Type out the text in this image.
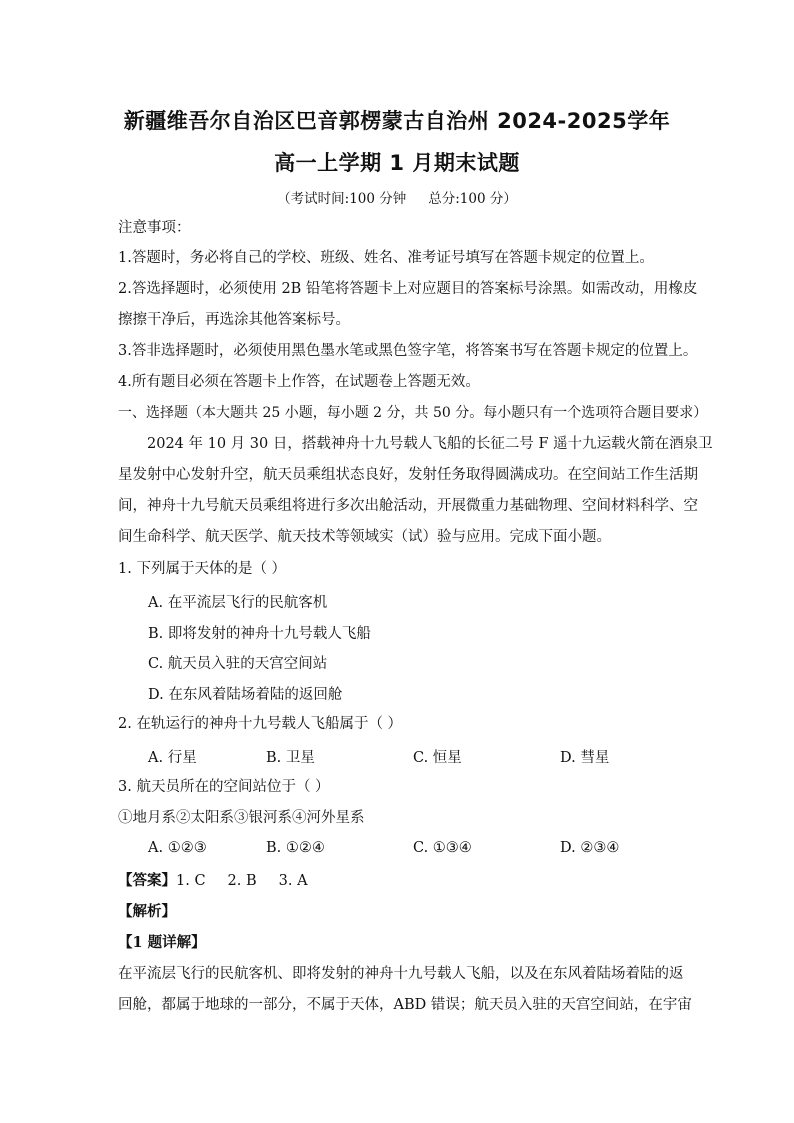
新疆维吾尔自治区巴音郭楞蒙古自治州 2024-2025学年
高一上学期 1 月期末试题
（考试时间:100 分钟 总分:100 分）
注意事项：
1.答题时，务必将自己的学校、班级、姓名、准考证号填写在答题卡规定的位置上。
2.答选择题时，必须使用 2B 铅笔将答题卡上对应题目的答案标号涂黑。如需改动，用橡皮
擦擦干净后，再选涂其他答案标号。
3.答非选择题时，必须使用黑色墨水笔或黑色签字笔，将答案书写在答题卡规定的位置上。
4.所有题目必须在答题卡上作答，在试题卷上答题无效。
一、选择题（本大题共 25 小题，每小题 2 分，共 50 分。每小题只有一个选项符合题目要求）
2024 年 10 月 30 日，搭载神舟十九号载人飞船的长征二号 F 遥十九运载火箭在酒泉卫
星发射中心发射升空，航天员乘组状态良好，发射任务取得圆满成功。在空间站工作生活期
间，神舟十九号航天员乘组将进行多次出舱活动，开展微重力基础物理、空间材料科学、空
间生命科学、航天医学、航天技术等领域实（试）验与应用。完成下面小题。
1. 下列属于天体的是（ ）
A. 在平流层飞行的民航客机
B. 即将发射的神舟十九号载人飞船
C. 航天员入驻的天宫空间站
D. 在东风着陆场着陆的返回舱
2. 在轨运行的神舟十九号载人飞船属于（ ）
A. 行星	B. 卫星	C. 恒星	D. 彗星
3. 航天员所在的空间站位于（ ）
①地月系②太阳系③银河系④河外星系
A. ①②③	B. ①②④	C. ①③④	D. ②③④
【答案】1. C 2. B 3. A
【解析】
【1 题详解】
在平流层飞行的民航客机、即将发射的神舟十九号载人飞船，以及在东风着陆场着陆的返
回舱，都属于地球的一部分，不属于天体，ABD 错误；航天员入驻的天宫空间站，在宇宙
